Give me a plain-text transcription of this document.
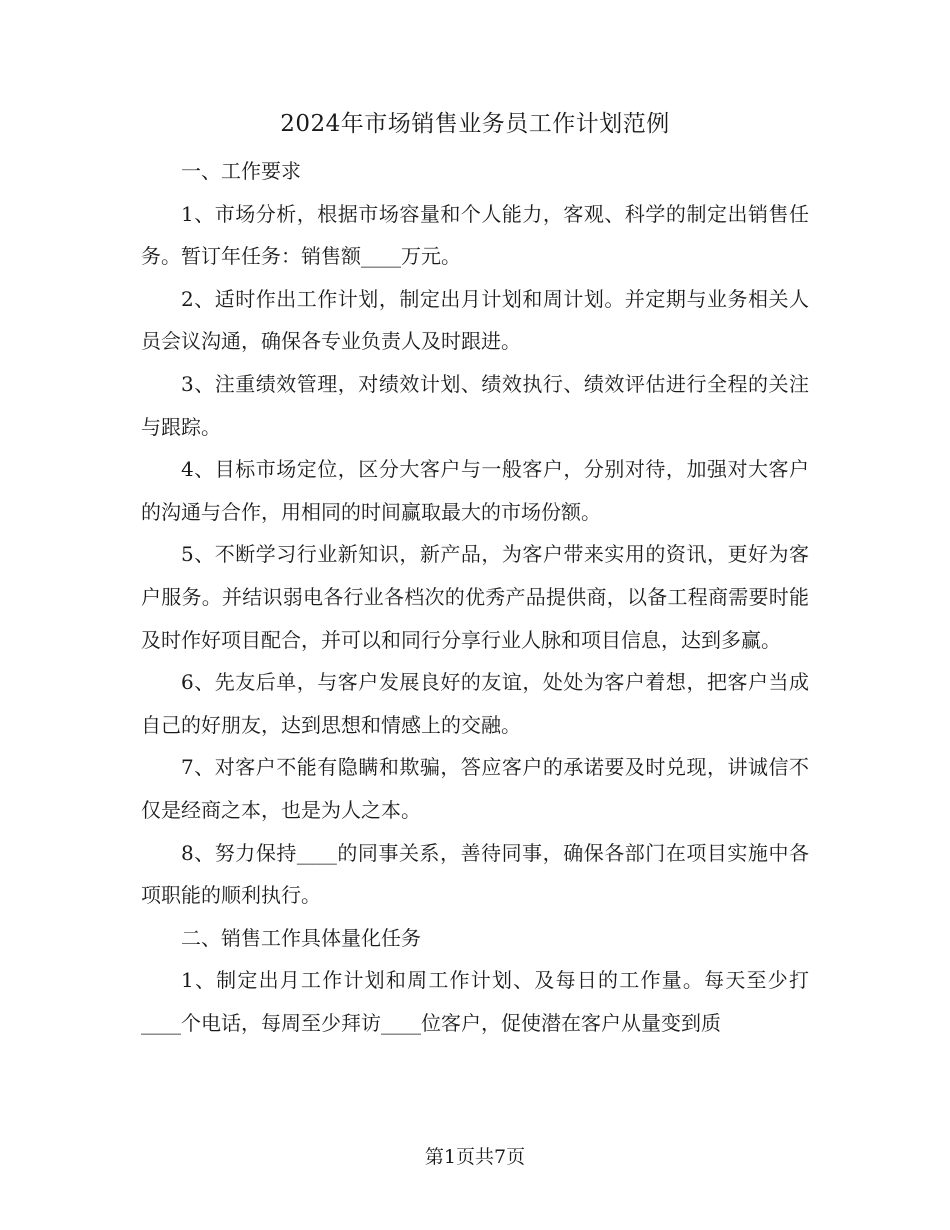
2024年市场销售业务员工作计划范例

一、工作要求

1、市场分析，根据市场容量和个人能力，客观、科学的制定出销售任务。暂订年任务：销售额____万元。

2、适时作出工作计划，制定出月计划和周计划。并定期与业务相关人员会议沟通，确保各专业负责人及时跟进。

3、注重绩效管理，对绩效计划、绩效执行、绩效评估进行全程的关注与跟踪。

4、目标市场定位，区分大客户与一般客户，分别对待，加强对大客户的沟通与合作，用相同的时间赢取最大的市场份额。

5、不断学习行业新知识，新产品，为客户带来实用的资讯，更好为客户服务。并结识弱电各行业各档次的优秀产品提供商，以备工程商需要时能及时作好项目配合，并可以和同行分享行业人脉和项目信息，达到多赢。

6、先友后单，与客户发展良好的友谊，处处为客户着想，把客户当成自己的好朋友，达到思想和情感上的交融。

7、对客户不能有隐瞒和欺骗，答应客户的承诺要及时兑现，讲诚信不仅是经商之本，也是为人之本。

8、努力保持____的同事关系，善待同事，确保各部门在项目实施中各项职能的顺利执行。

二、销售工作具体量化任务

1、制定出月工作计划和周工作计划、及每日的工作量。每天至少打____个电话，每周至少拜访____位客户，促使潜在客户从量变到质

第1页共7页
